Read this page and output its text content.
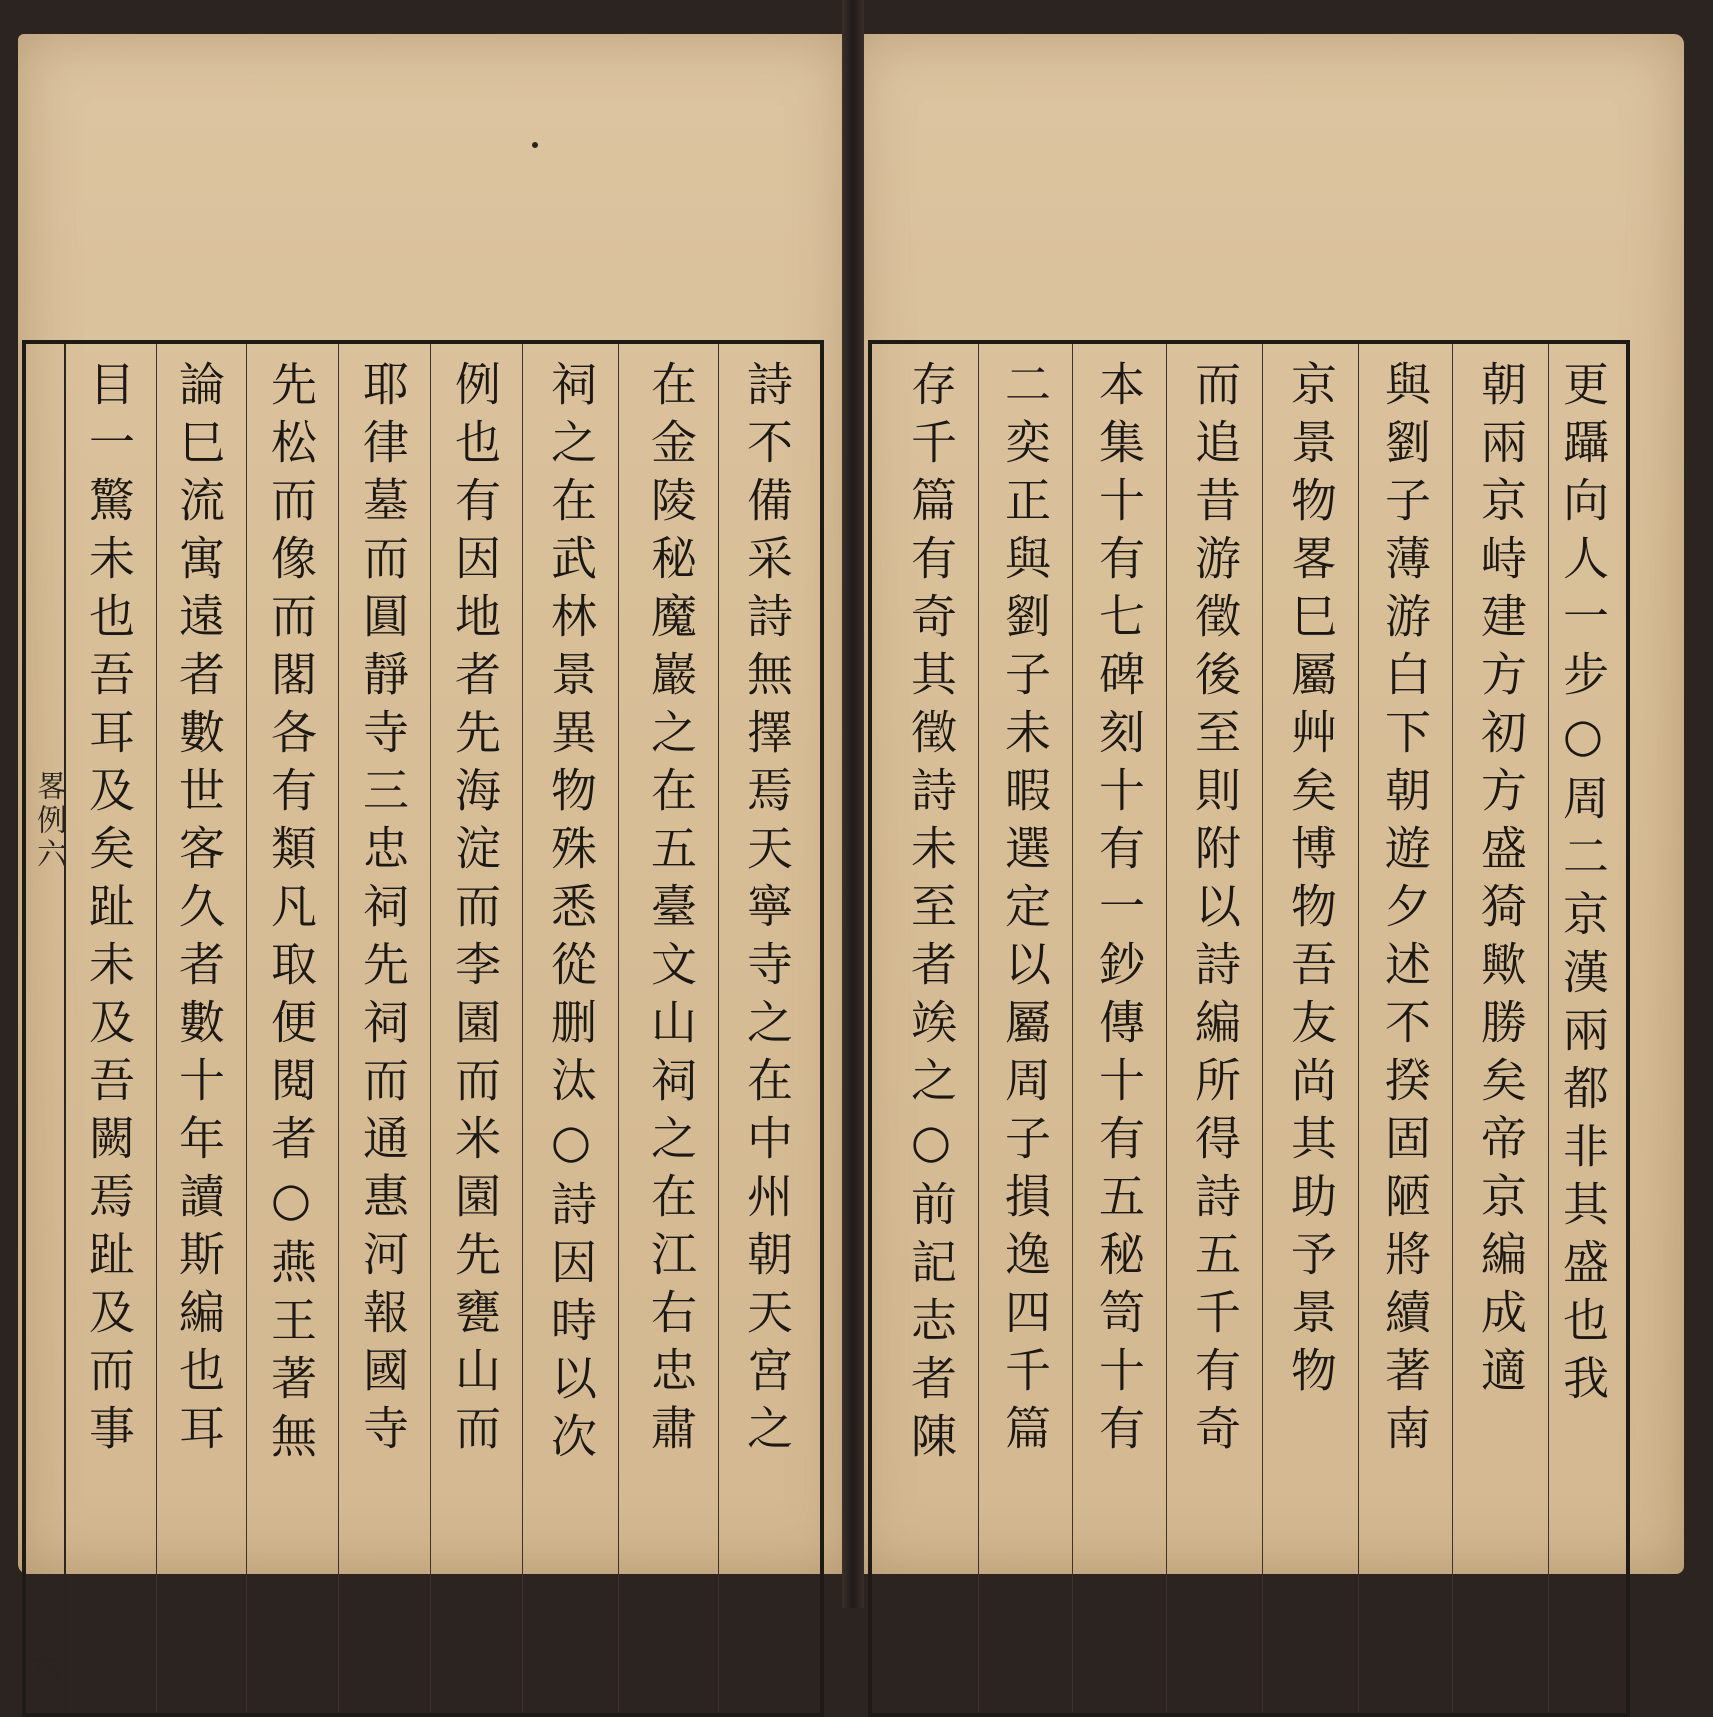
目一驚未也吾耳及矣趾未及吾闕焉趾及而事 論巳流寓遠者數世客久者數十年讀斯編也耳 先松而像而閣各有類凡取便閱者○燕王著無 耶律墓而圓靜寺三忠祠先祠而通惠河報國寺 例也有因地者先海淀而李園而米園先甕山而 祠之在武林景異物殊悉從删汰○詩因時以次	在金陵秘魔巖之在五臺文山祠之在江右忠肅 詩不備采詩無擇焉天寧寺之在中州朝天宮之
畧例六
六
存千篇有奇其徵詩未至者竢之○前記志者陳 二奕正與劉子未暇選定以屬周子損逸四千篇 本集十有七碑刻十有一鈔傳十有五秘笥十有 而追昔游徵後至則附以詩編所得詩五千有奇 京景物畧巳屬艸矣博物吾友尚其助予景物 與劉子薄游白下朝遊夕述不揆固陋將續著南 朝兩京峙建方初方盛猗歟勝矣帝京編成適 更躡向人一步○周二京漢兩都非其盛也我
